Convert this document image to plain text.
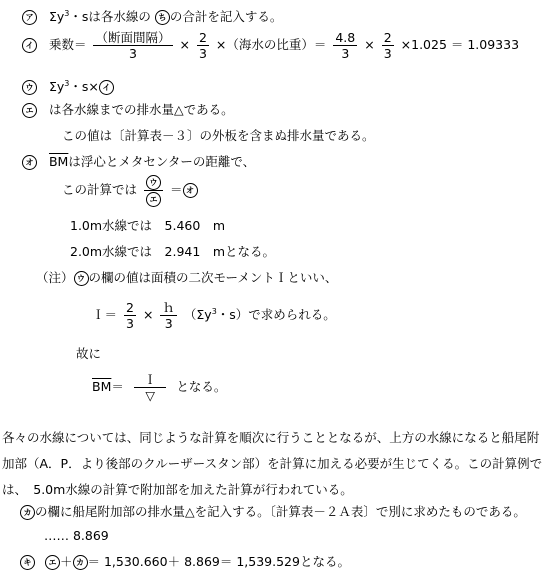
ア $\Sigma y^3$・sは各水線の ち の合計を記入する。
イ 乗数＝ $\frac{\text{（断面間隔）}}{3} \times \frac{2}{3}$ ×（海水の比重）＝ $\frac{4.8}{3} \times \frac{2}{3} \times 1.025 = 1.09333$
ウ $\Sigma y^3$・s× イ
エ は各水線までの排水量△である。
この値は〔計算表－３〕の外板を含まぬ排水量である。
オ $\overline{BM}$は浮心とメタセンターの距離で、
この計算では $\frac{\text{ウ}}{\text{エ}}$ ＝ オ
1.0m水線では　5.460　m
2.0m水線では　2.941　mとなる。
（注） ウ の欄の値は面積の二次モーメントＩといい、
Ｉ＝ $\frac{2}{3} \times \frac{\text{ｈ}}{3} (\Sigma y^3$・s）で求められる。
故に
$\overline{BM}= \frac{\text{Ｉ}}{▽}$ となる。
各々の水線については、同じような計算を順次に行うこととなるが、上方の水線になると船尾附
加部（A．P．より後部のクルーザースタン部）を計算に加える必要が生じてくる。この計算例で
は、　5.0m水線の計算で附加部を加えた計算が行われている。
カ の欄に船尾附加部の排水量△を記入する。〔計算表－２Ａ表〕で別に求めたものである。
…… 8.869
キ エ ＋ カ ＝ 1,530.660＋ 8.869＝ 1,539.529となる。
